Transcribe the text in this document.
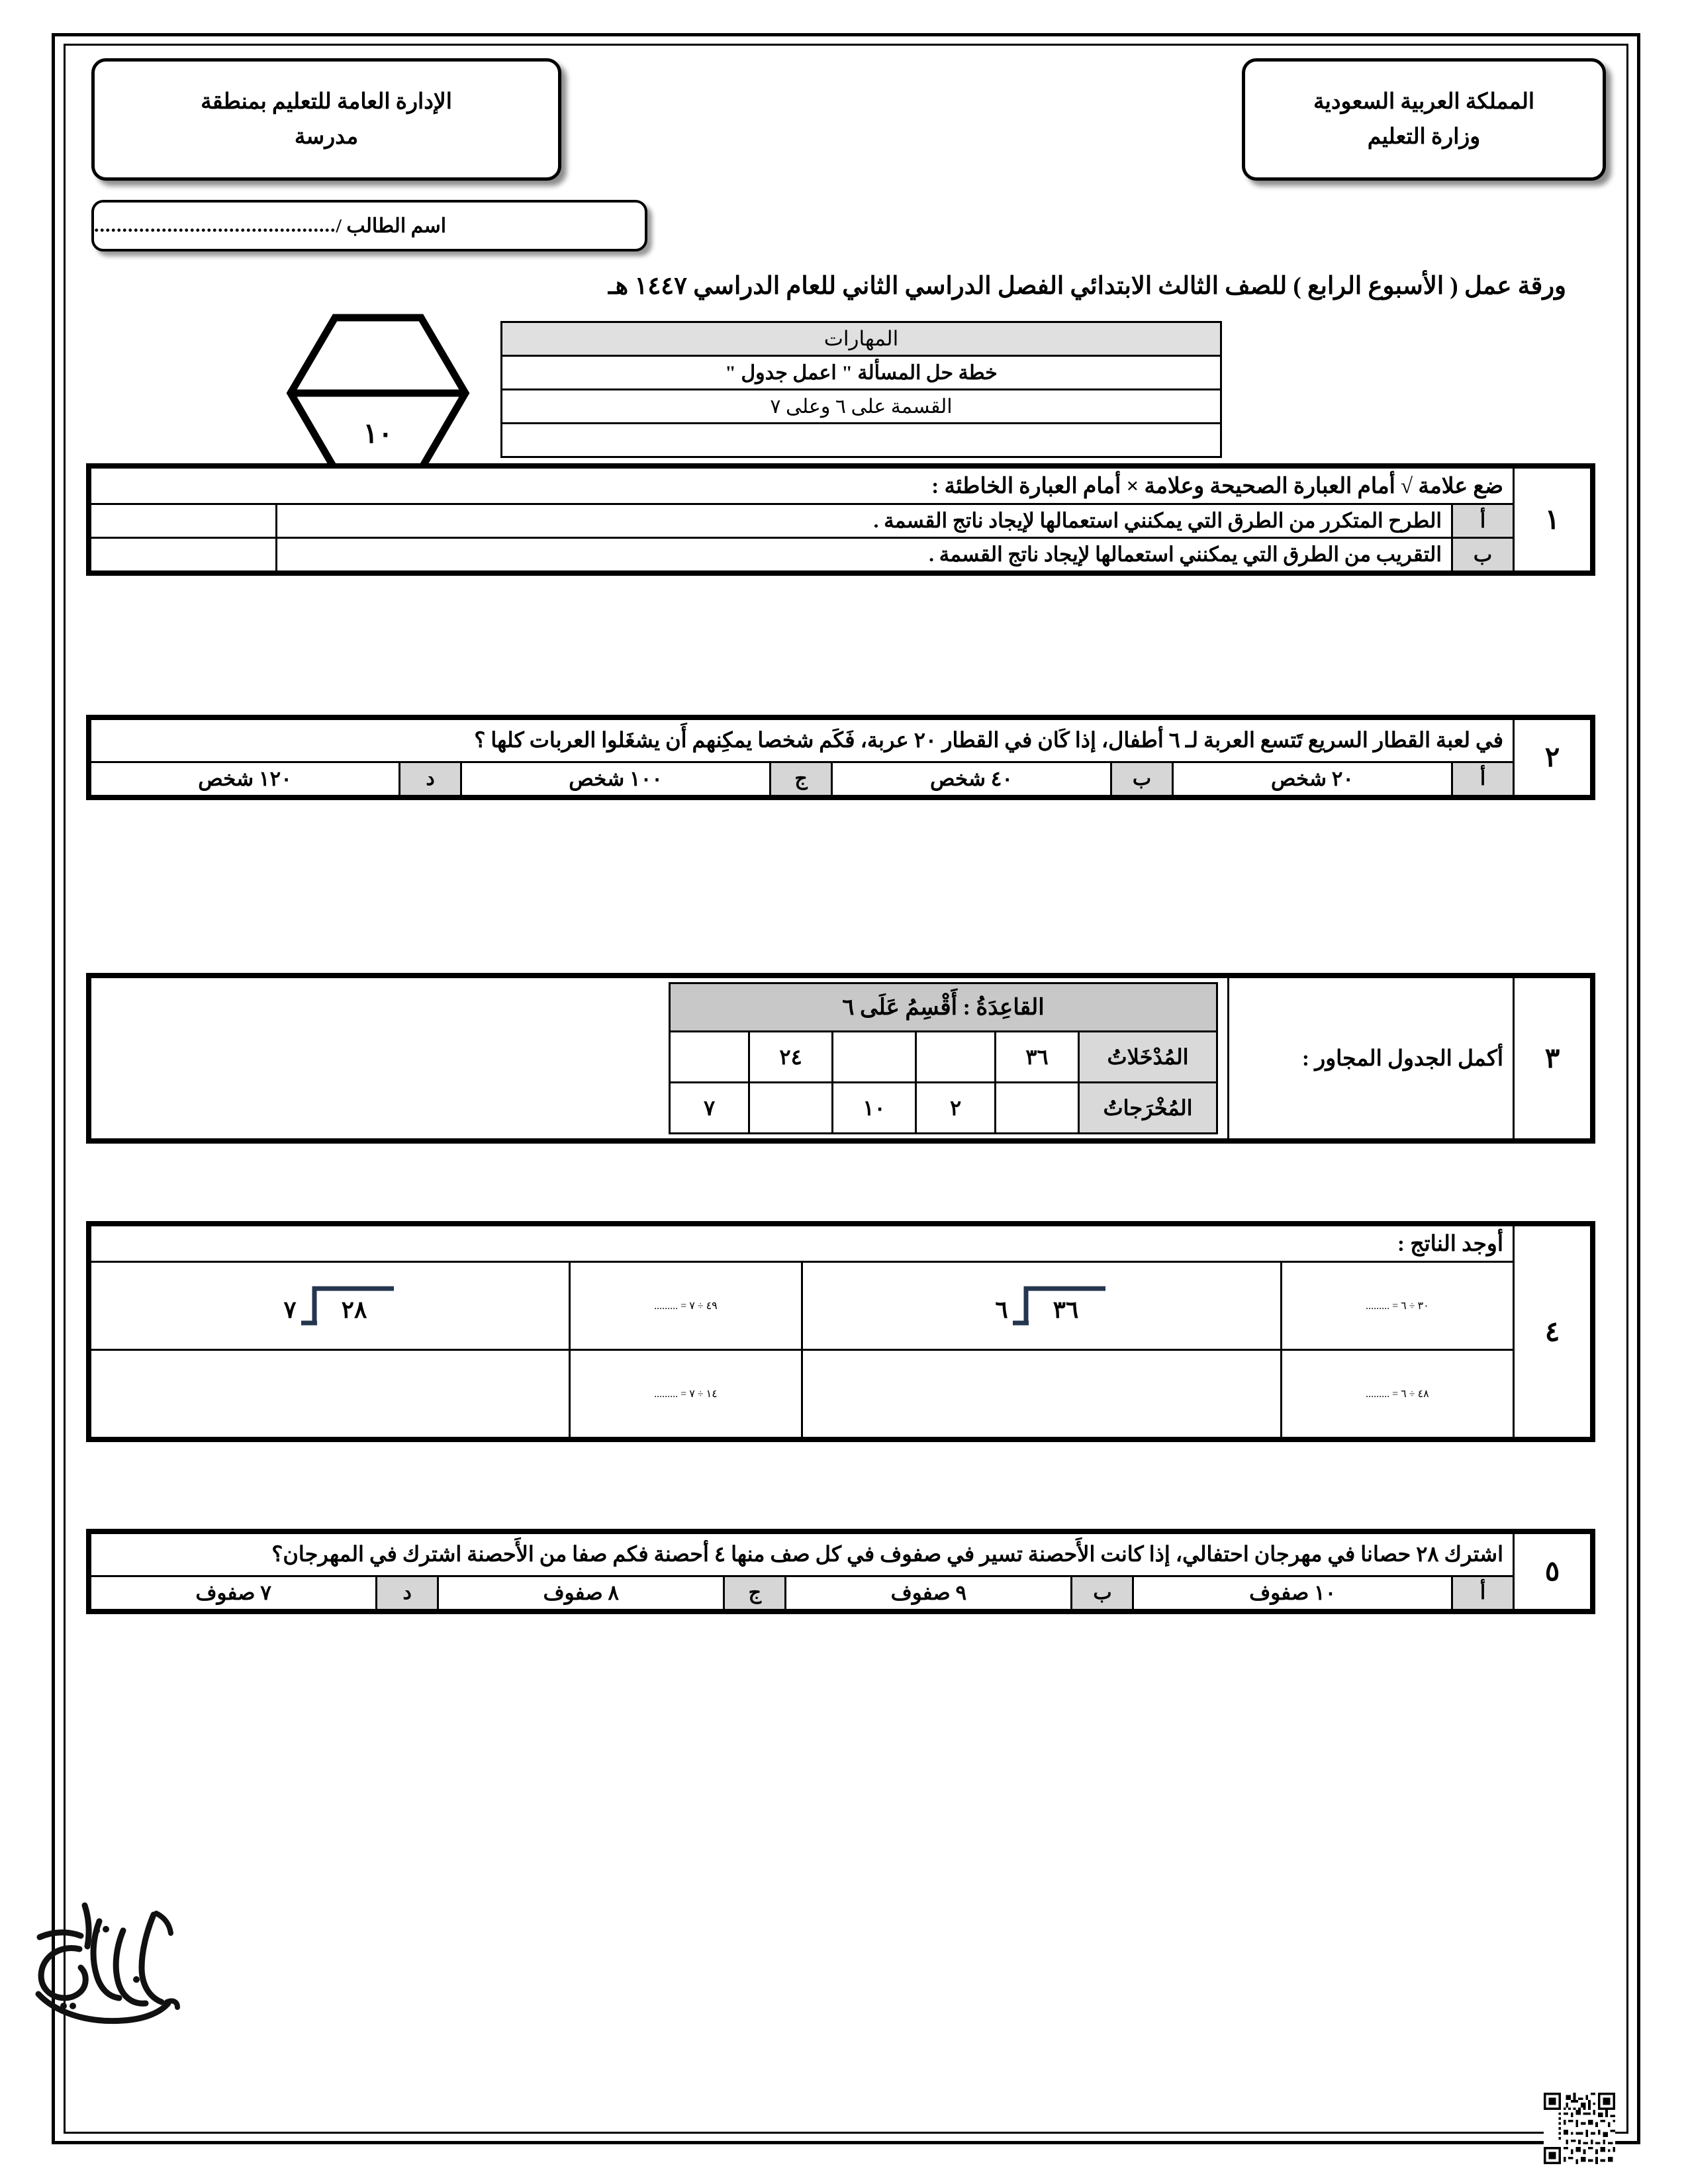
المملكة العربية السعودية
وزارة التعليم
الإدارة العامة للتعليم بمنطقة
مدرسة
اسم الطالب /
...........................................
ورقة عمل ( الأسبوع الرابع ) للصف الثالث الابتدائي الفصل الدراسي الثاني للعام الدراسي ١٤٤٧ هـ
١٠
المهارات
خطة حل المسألة " اعمل جدول "
القسمة على ٦ وعلى ٧

١	ضع علامة √ أمام العبارة الصحيحة وعلامة × أمام العبارة الخاطئة :		
	أ	الطرح المتكرر من الطرق التي يمكنني استعمالها لإيجاد ناتج القسمة .	
	ب	التقريب من الطرق التي يمكنني استعمالها لإيجاد ناتج القسمة .	
٢	في لعبة القطار السريع تَتسع العربة لـ ٦ أطفال، إذا كَان في القطار ٢٠ عربة، فَكَم شخصا يمكِنهم أَن يشغَلوا العربات كلها ؟							
	أ	٢٠ شخص	ب	٤٠ شخص	ج	١٠٠ شخص	د	١٢٠ شخص
٣	أكمل الجدول المجاور :	
القاعِدَةُ : أَقْسِمُ عَلَى ٦
المُدْخَلاتُ	٣٦			٢٤	
المُخْرَجاتُ		٢	١٠		٧
٤	أوجد الناتج :			
	٣٠ ÷ ٦ = .........	٦ ٣٦	٤٩ ÷ ٧ = .........	٧ ٢٨

	٤٨ ÷ ٦ = .........		١٤ ÷ ٧ = .........	
٥	اشترك ٢٨ حصانا في مهرجان احتفالي، إذا كانت الأَحصنة تسير في صفوف في كل صف منها ٤ أحصنة فكم صفا من الأَحصنة اشترك في المهرجان؟							
	أ	١٠ صفوف	ب	٩ صفوف	ج	٨ صفوف	د	٧ صفوف
